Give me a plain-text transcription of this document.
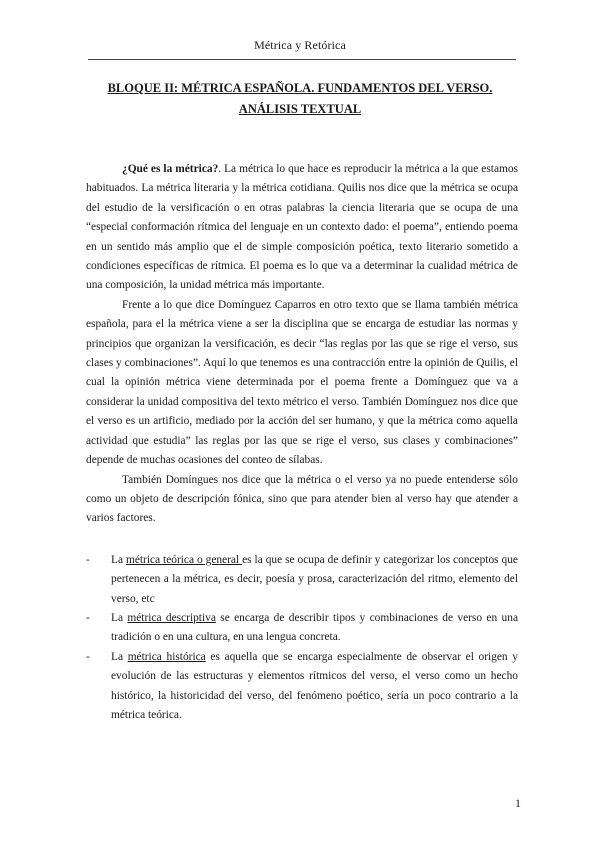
Métrica y Retórica
BLOQUE II: MÉTRICA ESPAÑOLA. FUNDAMENTOS DEL VERSO. ANÁLISIS TEXTUAL

¿Qué es la métrica?. La métrica lo que hace es reproducir la métrica a la que estamos habituados. La métrica literaria y la métrica cotidiana. Quilis nos dice que la métrica se ocupa del estudio de la versificación o en otras palabras la ciencia literaria que se ocupa de una “especial conformación rítmica del lenguaje en un contexto dado: el poema”, entiendo poema en un sentido más amplio que el de simple composición poética, texto literario sometido a condiciones específicas de rítmica. El poema es lo que va a determinar la cualidad métrica de una composición, la unidad métrica más importante.

Frente a lo que dice Domínguez Caparros en otro texto que se llama también métrica española, para el la métrica viene a ser la disciplina que se encarga de estudiar las normas y principios que organizan la versificación, es decir “las reglas por las que se rige el verso, sus clases y combinaciones”. Aquí lo que tenemos es una contracción entre la opinión de Quilis, el cual la opinión métrica viene determinada por el poema frente a Domínguez que va a considerar la unidad compositiva del texto métrico el verso. También Domínguez nos dice que el verso es un artificio, mediado por la acción del ser humano, y que la métrica como aquella actividad que estudia” las reglas por las que se rige el verso, sus clases y combinaciones” depende de muchas ocasiones del conteo de sílabas.

También Domíngues nos dice que la métrica o el verso ya no puede entenderse sólo como un objeto de descripción fónica, sino que para atender bien al verso hay que atender a varios factores.

- La métrica teórica o general es la que se ocupa de definir y categorizar los conceptos que pertenecen a la métrica, es decir, poesía y prosa, caracterización del ritmo, elemento del verso, etc
- La métrica descriptiva se encarga de describir tipos y combinaciones de verso en una tradición o en una cultura, en una lengua concreta.
- La métrica histórica es aquella que se encarga especialmente de observar el origen y evolución de las estructuras y elementos rítmicos del verso, el verso como un hecho histórico, la historicidad del verso, del fenómeno poético, sería un poco contrario a la métrica teórica.
1
